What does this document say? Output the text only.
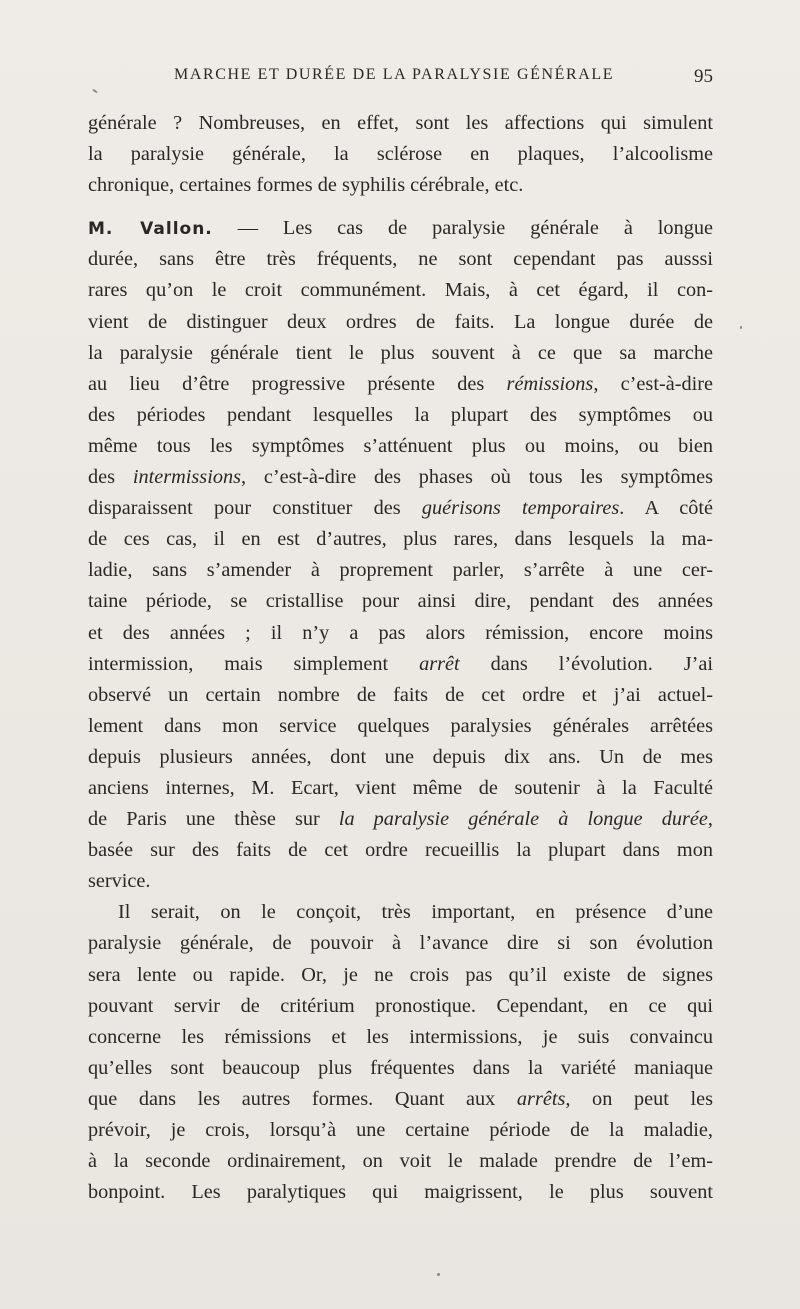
MARCHE ET DURÉE DE LA PARALYSIE GÉNÉRALE	95
générale ? Nombreuses, en effet, sont les affections qui simulent
la paralysie générale, la sclérose en plaques, l’alcoolisme
chronique, certaines formes de syphilis cérébrale, etc.
M. Vallon. — Les cas de paralysie générale à longue
durée, sans être très fréquents, ne sont cependant pas ausssi
rares qu’on le croit communément. Mais, à cet égard, il con-
vient de distinguer deux ordres de faits. La longue durée de
la paralysie générale tient le plus souvent à ce que sa marche
au lieu d’être progressive présente des rémissions, c’est-à-dire
des périodes pendant lesquelles la plupart des symptômes ou
même tous les symptômes s’atténuent plus ou moins, ou bien
des intermissions, c’est-à-dire des phases où tous les symptômes
disparaissent pour constituer des guérisons temporaires. A côté
de ces cas, il en est d’autres, plus rares, dans lesquels la ma-
ladie, sans s’amender à proprement parler, s’arrête à une cer-
taine période, se cristallise pour ainsi dire, pendant des années
et des années ; il n’y a pas alors rémission, encore moins
intermission, mais simplement arrêt dans l’évolution. J’ai
observé un certain nombre de faits de cet ordre et j’ai actuel-
lement dans mon service quelques paralysies générales arrêtées
depuis plusieurs années, dont une depuis dix ans. Un de mes
anciens internes, M. Ecart, vient même de soutenir à la Faculté
de Paris une thèse sur la paralysie générale à longue durée,
basée sur des faits de cet ordre recueillis la plupart dans mon
service.
Il serait, on le conçoit, très important, en présence d’une
paralysie générale, de pouvoir à l’avance dire si son évolution
sera lente ou rapide. Or, je ne crois pas qu’il existe de signes
pouvant servir de critérium pronostique. Cependant, en ce qui
concerne les rémissions et les intermissions, je suis convaincu
qu’elles sont beaucoup plus fréquentes dans la variété maniaque
que dans les autres formes. Quant aux arrêts, on peut les
prévoir, je crois, lorsqu’à une certaine période de la maladie,
à la seconde ordinairement, on voit le malade prendre de l’em-
bonpoint. Les paralytiques qui maigrissent, le plus souvent
